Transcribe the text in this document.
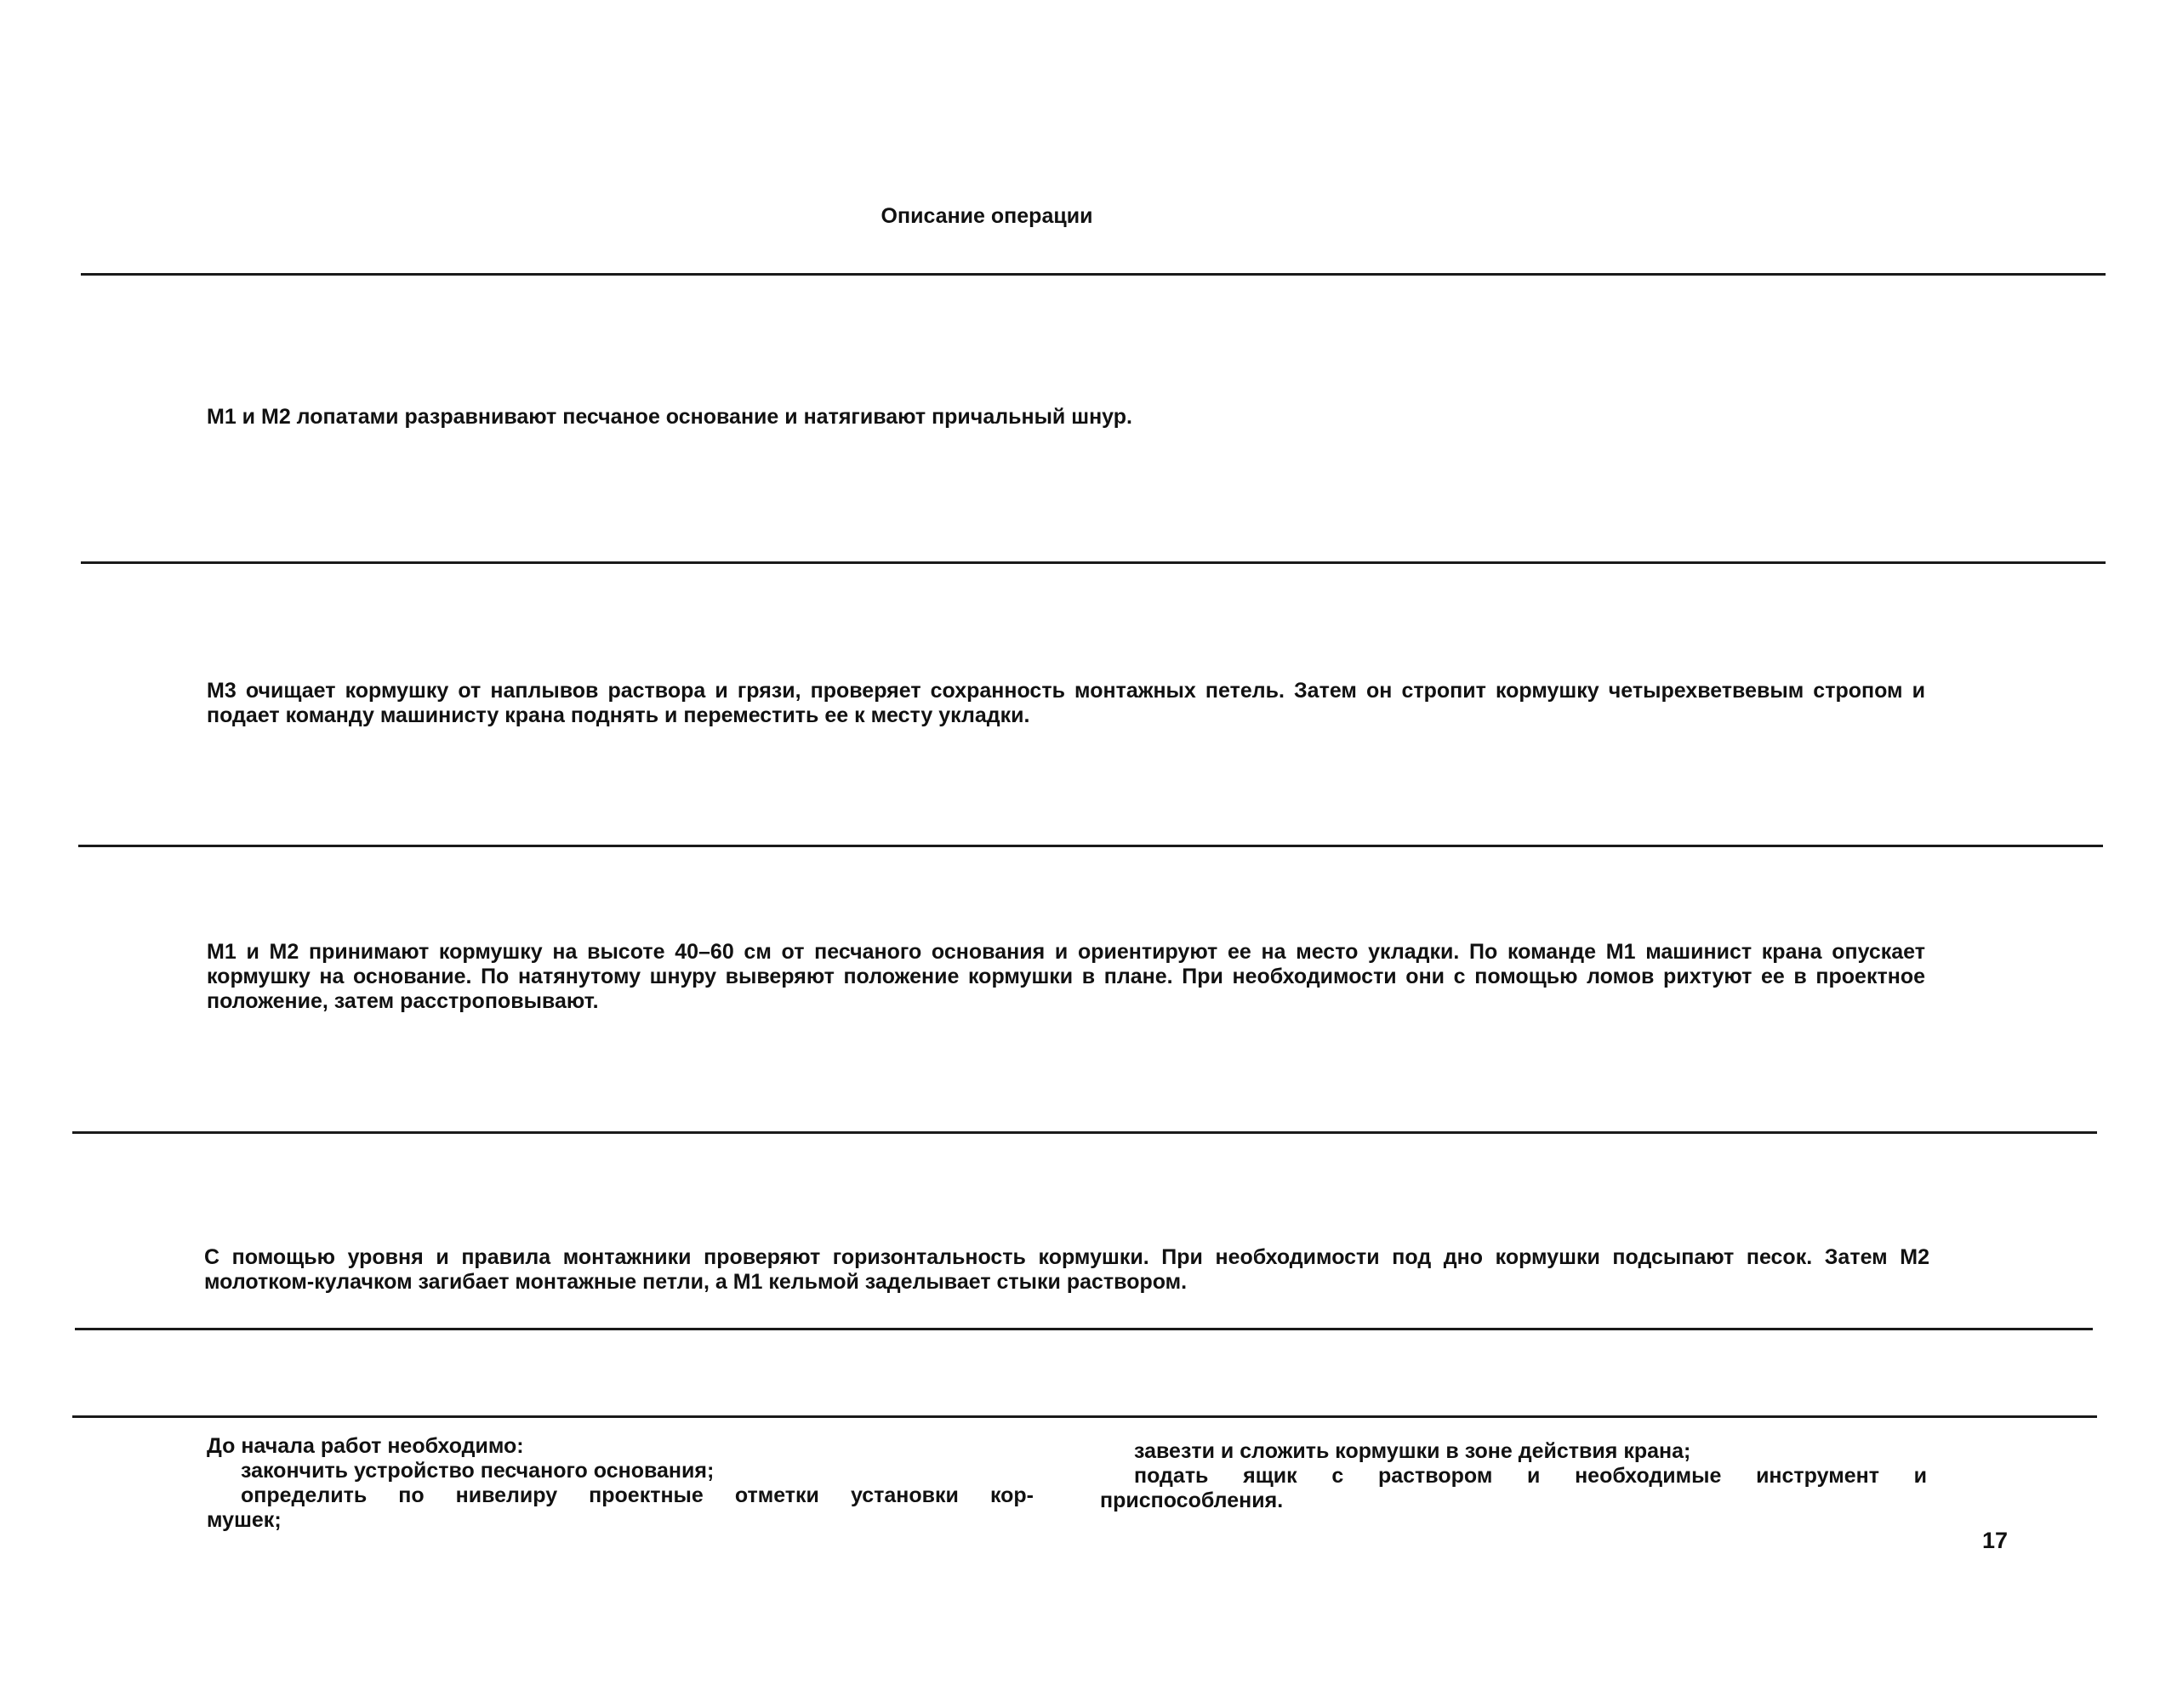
Описание операции
М1 и М2 лопатами разравнивают песчаное основание и натягивают причальный шнур.
М3 очищает кормушку от наплывов раствора и грязи, проверяет сохранность монтажных петель. Затем он стропит кормушку четырехветвевым стропом и подает команду машинисту крана поднять и переместить ее к месту укладки.
М1 и М2 принимают кормушку на высоте 40–60 см от песчаного основания и ориентируют ее на место укладки. По команде М1 машинист крана опускает кормушку на основание. По натянутому шнуру выверяют положение кормушки в плане. При необходимости они с помощью ломов рихтуют ее в проектное положение, затем расстроповывают.
С помощью уровня и правила монтажники проверяют горизонтальность кормушки. При необходимости под дно кормушки подсыпают песок. Затем М2 молотком-кулачком загибает монтажные петли, а М1 кельмой заделывает стыки раствором.
До начала работ необходимо:
закончить устройство песчаного основания;
определить по нивелиру проектные отметки установки кор-
мушек;
завезти и сложить кормушки в зоне действия крана;
подать ящик с раствором и необходимые инструмент и
приспособления.
17
